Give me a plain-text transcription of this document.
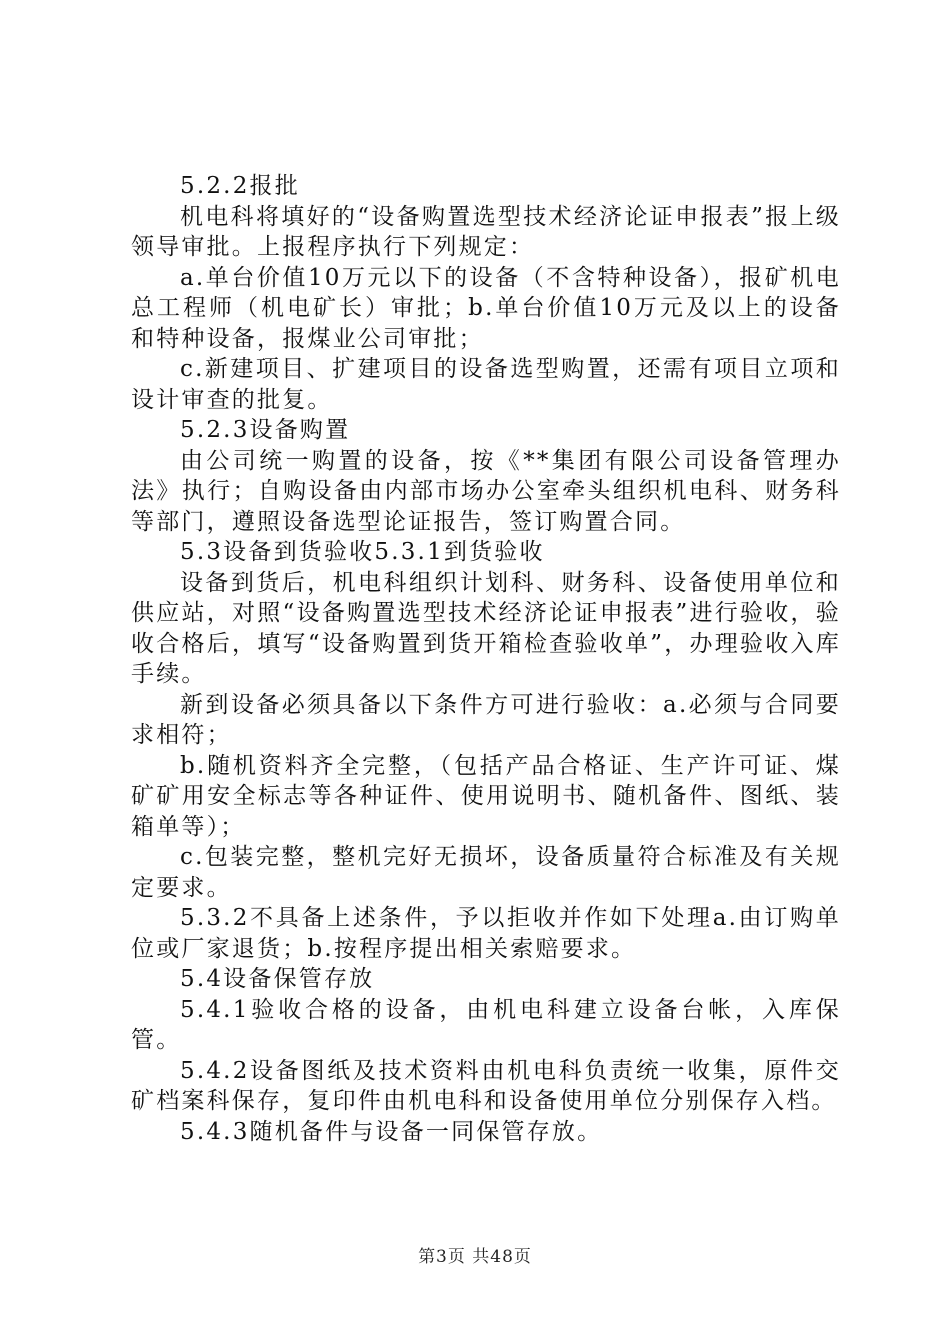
5.2.2报批

机电科将填好的“设备购置选型技术经济论证申报表”报上级领导审批。上报程序执行下列规定：

a.单台价值10万元以下的设备（不含特种设备），报矿机电总工程师（机电矿长）审批；b.单台价值10万元及以上的设备和特种设备，报煤业公司审批；

c.新建项目、扩建项目的设备选型购置，还需有项目立项和设计审查的批复。

5.2.3设备购置

由公司统一购置的设备，按《**集团有限公司设备管理办法》执行；自购设备由内部市场办公室牵头组织机电科、财务科等部门，遵照设备选型论证报告，签订购置合同。

5.3设备到货验收5.3.1到货验收

设备到货后，机电科组织计划科、财务科、设备使用单位和供应站，对照“设备购置选型技术经济论证申报表”进行验收，验收合格后，填写“设备购置到货开箱检查验收单”，办理验收入库手续。

新到设备必须具备以下条件方可进行验收：a.必须与合同要求相符；

b.随机资料齐全完整，（包括产品合格证、生产许可证、煤矿矿用安全标志等各种证件、使用说明书、随机备件、图纸、装箱单等）；

c.包装完整，整机完好无损坏，设备质量符合标准及有关规定要求。

5.3.2不具备上述条件，予以拒收并作如下处理a.由订购单位或厂家退货；b.按程序提出相关索赔要求。

5.4设备保管存放

5.4.1验收合格的设备，由机电科建立设备台帐，入库保管。

5.4.2设备图纸及技术资料由机电科负责统一收集，原件交矿档案科保存，复印件由机电科和设备使用单位分别保存入档。

5.4.3随机备件与设备一同保管存放。

第3页 共48页
